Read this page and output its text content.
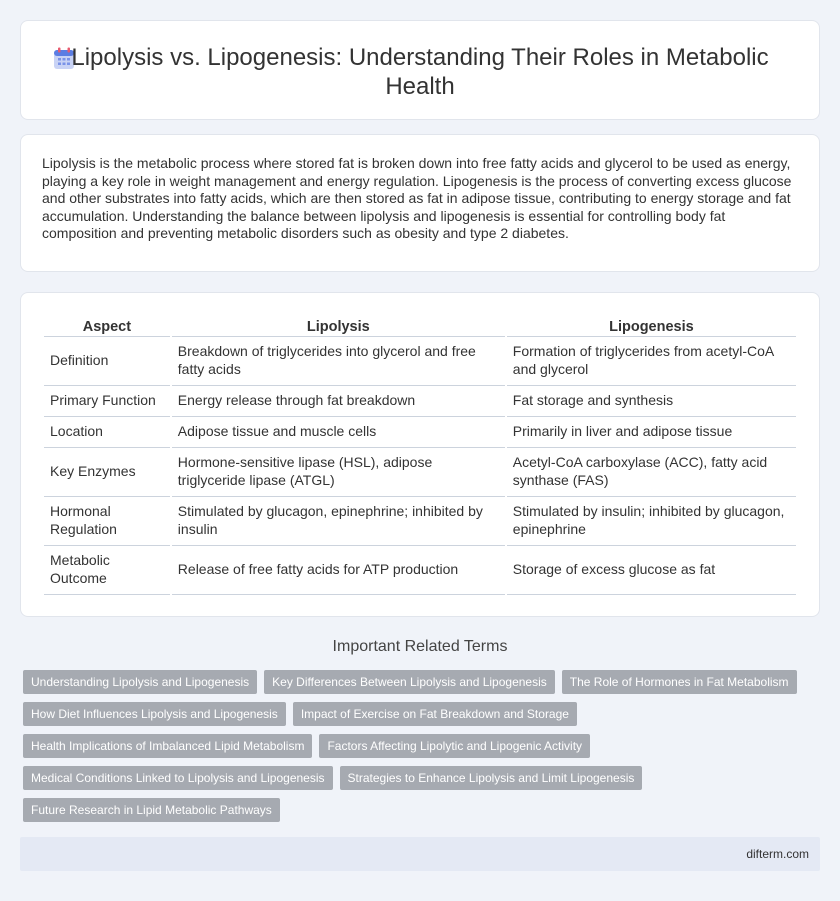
Lipolysis vs. Lipogenesis: Understanding Their Roles in Metabolic Health

Lipolysis is the metabolic process where stored fat is broken down into free fatty acids and glycerol to be used as energy, playing a key role in weight management and energy regulation. Lipogenesis is the process of converting excess glucose and other substrates into fatty acids, which are then stored as fat in adipose tissue, contributing to energy storage and fat accumulation. Understanding the balance between lipolysis and lipogenesis is essential for controlling body fat composition and preventing metabolic disorders such as obesity and type 2 diabetes.

Aspect	Lipolysis	Lipogenesis
Definition	Breakdown of triglycerides into glycerol and free fatty acids	Formation of triglycerides from acetyl-CoA and glycerol
Primary Function	Energy release through fat breakdown	Fat storage and synthesis
Location	Adipose tissue and muscle cells	Primarily in liver and adipose tissue
Key Enzymes	Hormone-sensitive lipase (HSL), adipose triglyceride lipase (ATGL)	Acetyl-CoA carboxylase (ACC), fatty acid synthase (FAS)
Hormonal Regulation	Stimulated by glucagon, epinephrine; inhibited by insulin	Stimulated by insulin; inhibited by glucagon, epinephrine
Metabolic Outcome	Release of free fatty acids for ATP production	Storage of excess glucose as fat
Important Related Terms
Understanding Lipolysis and Lipogenesis	Key Differences Between Lipolysis and Lipogenesis	The Role of Hormones in Fat Metabolism
How Diet Influences Lipolysis and Lipogenesis	Impact of Exercise on Fat Breakdown and Storage
Health Implications of Imbalanced Lipid Metabolism	Factors Affecting Lipolytic and Lipogenic Activity
Medical Conditions Linked to Lipolysis and Lipogenesis	Strategies to Enhance Lipolysis and Limit Lipogenesis
Future Research in Lipid Metabolic Pathways
difterm.com
